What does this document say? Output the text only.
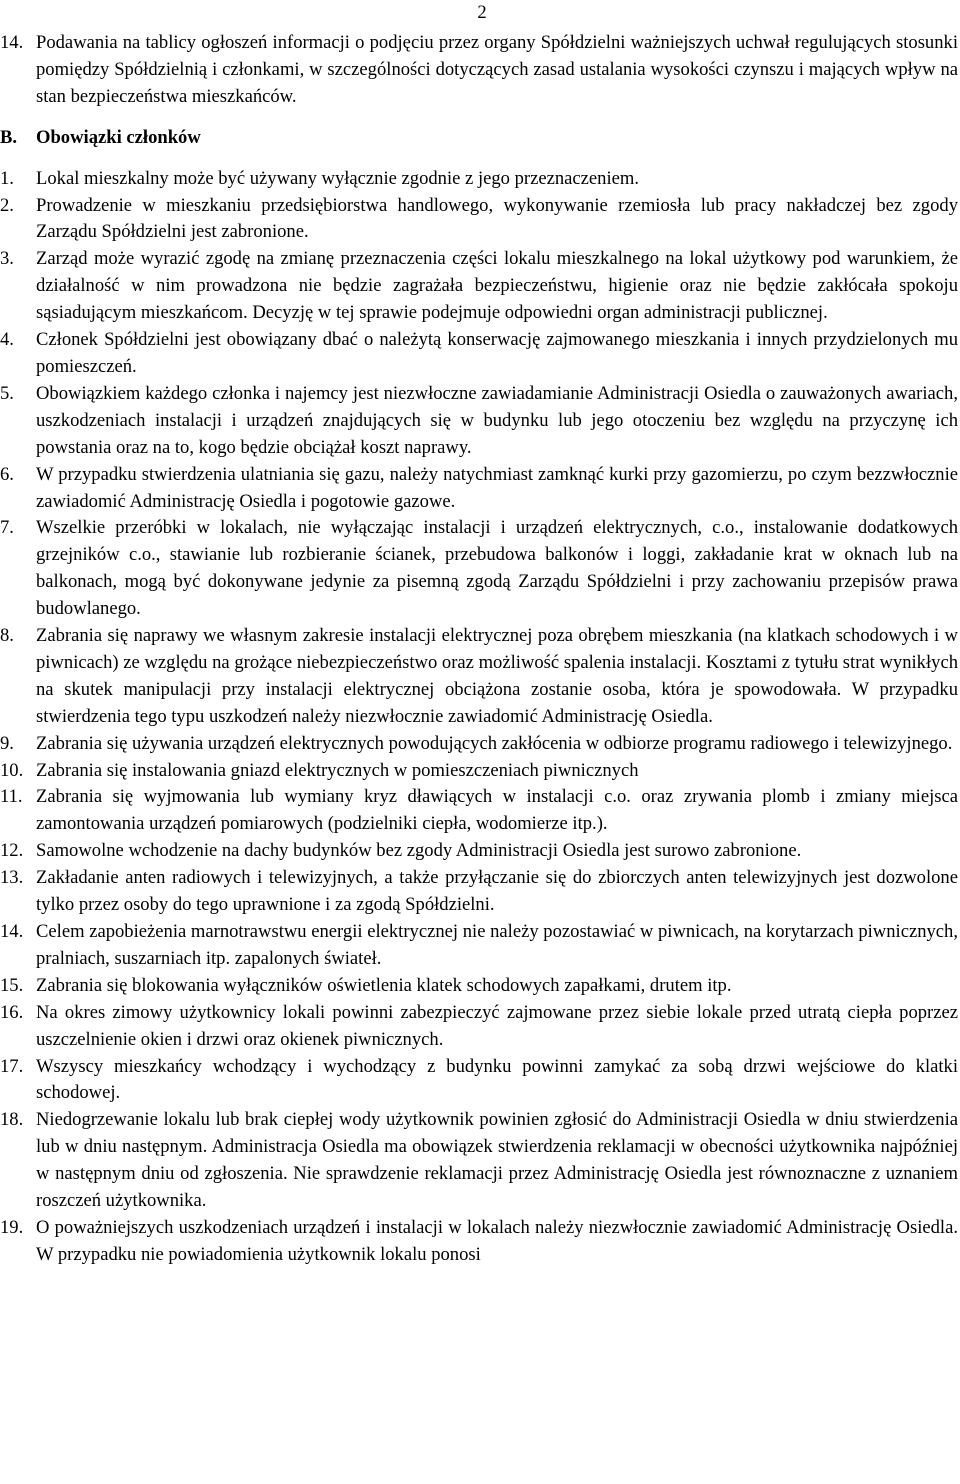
2
14. Podawania na tablicy ogłoszeń informacji o podjęciu przez organy Spółdzielni ważniejszych uchwał regulujących stosunki pomiędzy Spółdzielnią i członkami, w szczególności dotyczących zasad ustalania wysokości czynszu i mających wpływ na stan bezpieczeństwa mieszkańców.
B.	Obowiązki członków
1.	Lokal mieszkalny może być używany wyłącznie zgodnie z jego przeznaczeniem.
2.	Prowadzenie w mieszkaniu przedsiębiorstwa handlowego, wykonywanie rzemiosła lub pracy nakładczej bez zgody Zarządu Spółdzielni jest zabronione.
3.	Zarząd może wyrazić zgodę na zmianę przeznaczenia części lokalu mieszkalnego na lokal użytkowy pod warunkiem, że działalność w nim prowadzona nie będzie zagrażała bezpieczeństwu, higienie oraz nie będzie zakłócała spokoju sąsiadującym mieszkańcom. Decyzję w tej sprawie podejmuje odpowiedni organ administracji publicznej.
4.	Członek Spółdzielni jest obowiązany dbać o należytą konserwację zajmowanego mieszkania i innych przydzielonych mu pomieszczeń.
5.	Obowiązkiem każdego członka i najemcy jest niezwłoczne zawiadamianie Administracji Osiedla o zauważonych awariach, uszkodzeniach instalacji i urządzeń znajdujących się w budynku lub jego otoczeniu bez względu na przyczynę ich powstania oraz na to, kogo będzie obciążał koszt naprawy.
6.	W przypadku stwierdzenia ulatniania się gazu, należy natychmiast zamknąć kurki przy gazomierzu, po czym bezzwłocznie zawiadomić Administrację Osiedla i pogotowie gazowe.
7.	Wszelkie przeróbki w lokalach, nie wyłączając instalacji i urządzeń elektrycznych, c.o., instalowanie dodatkowych grzejników c.o., stawianie lub rozbieranie ścianek, przebudowa balkonów i loggi, zakładanie krat w oknach lub na balkonach, mogą być dokonywane jedynie za pisemną zgodą Zarządu Spółdzielni i przy zachowaniu przepisów prawa budowlanego.
8.	Zabrania się naprawy we własnym zakresie instalacji elektrycznej poza obrębem mieszkania (na klatkach schodowych i w piwnicach) ze względu na grożące niebezpieczeństwo oraz możliwość spalenia instalacji. Kosztami z tytułu strat wynikłych na skutek manipulacji przy instalacji elektrycznej obciążona zostanie osoba, która je spowodowała. W przypadku stwierdzenia tego typu uszkodzeń należy niezwłocznie zawiadomić Administrację Osiedla.
9.	Zabrania się używania urządzeń elektrycznych powodujących zakłócenia w odbiorze programu radiowego i telewizyjnego.
10. Zabrania się instalowania gniazd elektrycznych w pomieszczeniach piwnicznych
11. Zabrania się wyjmowania lub wymiany kryz dławiących w instalacji c.o. oraz zrywania plomb i zmiany miejsca zamontowania urządzeń pomiarowych (podzielniki ciepła, wodomierze itp.).
12. Samowolne wchodzenie na dachy budynków bez zgody Administracji Osiedla jest surowo zabronione.
13. Zakładanie anten radiowych i telewizyjnych, a także przyłączanie się do zbiorczych anten telewizyjnych jest dozwolone tylko przez osoby do tego uprawnione i za zgodą Spółdzielni.
14. Celem zapobieżenia marnotrawstwu energii elektrycznej nie należy pozostawiać w piwnicach, na korytarzach piwnicznych, pralniach, suszarniach itp. zapalonych świateł.
15. Zabrania się blokowania wyłączników oświetlenia klatek schodowych zapałkami, drutem itp.
16. Na okres zimowy użytkownicy lokali powinni zabezpieczyć zajmowane przez siebie lokale przed utratą ciepła poprzez uszczelnienie okien i drzwi oraz okienek piwnicznych.
17. Wszyscy mieszkańcy wchodzący i wychodzący z budynku powinni zamykać za sobą drzwi wejściowe do klatki schodowej.
18. Niedogrzewanie lokalu lub brak ciepłej wody użytkownik powinien zgłosić do Administracji Osiedla w dniu stwierdzenia lub w dniu następnym. Administracja Osiedla ma obowiązek stwierdzenia reklamacji w obecności użytkownika najpóźniej w następnym dniu od zgłoszenia. Nie sprawdzenie reklamacji przez Administrację Osiedla jest równoznaczne z uznaniem roszczeń użytkownika.
19. O poważniejszych uszkodzeniach urządzeń i instalacji w lokalach należy niezwłocznie zawiadomić Administrację Osiedla. W przypadku nie powiadomienia użytkownik lokalu ponosi
